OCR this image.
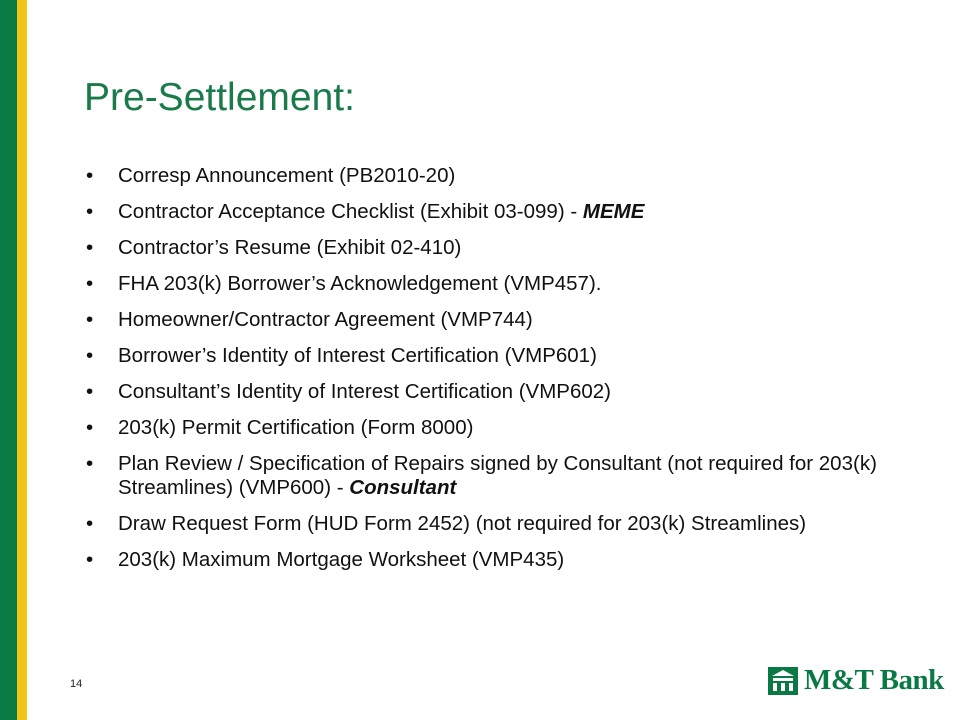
Pre-Settlement:
• Corresp Announcement (PB2010-20)
• Contractor Acceptance Checklist (Exhibit 03-099) - MEME
• Contractor’s Resume (Exhibit 02-410)
• FHA 203(k) Borrower’s Acknowledgement (VMP457).
• Homeowner/Contractor Agreement (VMP744)
• Borrower’s Identity of Interest Certification (VMP601)
• Consultant’s Identity of Interest Certification (VMP602)
• 203(k) Permit Certification (Form 8000)
• Plan Review / Specification of Repairs signed by Consultant (not required for 203(k) Streamlines) (VMP600) - Consultant
• Draw Request Form (HUD Form 2452) (not required for 203(k) Streamlines)
• 203(k) Maximum Mortgage Worksheet (VMP435)
14	M&T Bank
